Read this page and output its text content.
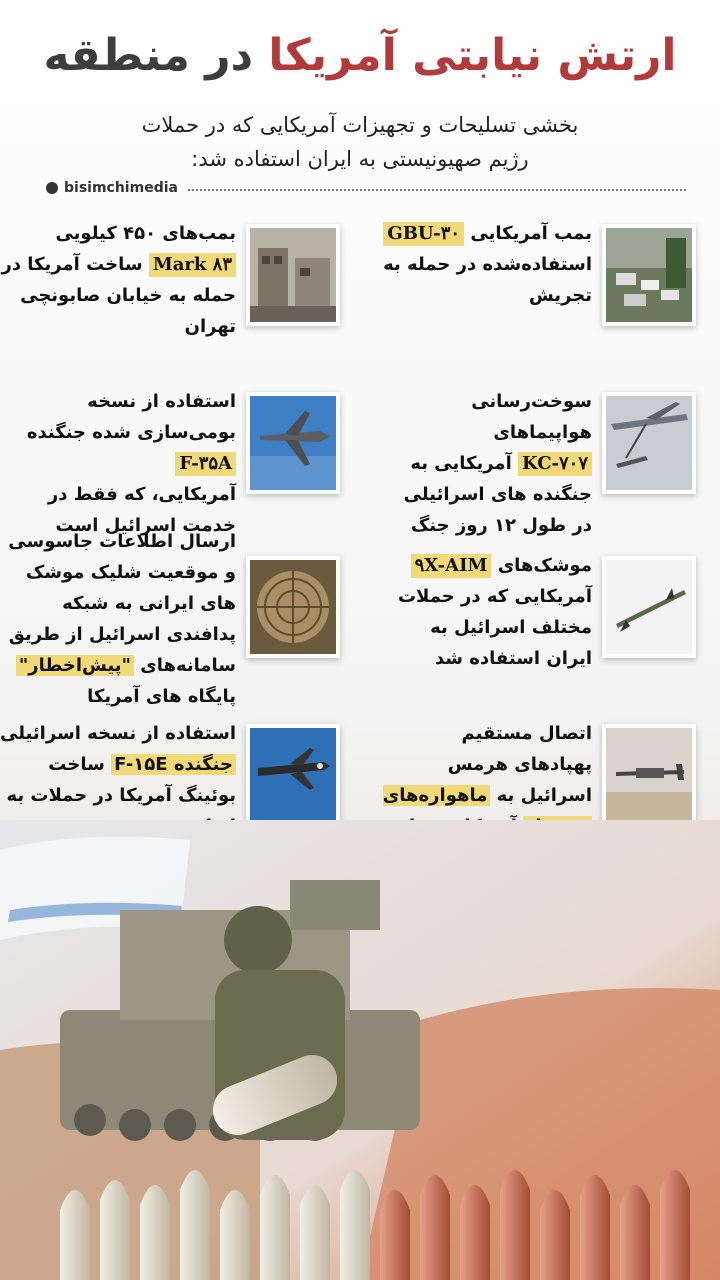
ارتش نیابتی آمریکا در منطقه
بخشی تسلیحات و تجهیزات آمریکایی که در حملات
رژیم صهیونیستی به ایران استفاده شد:
bisimchimedia
بمب آمریکایی GBU-۳۰
استفاده‌شده در حمله به تجریش
بمب‌های ۴۵۰ کیلویی
Mark ۸۳ ساخت آمریکا در حمله به خیابان صابونچی تهران
سوخت‌رسانی هواپیماهای
KC-۷۰۷ آمریکایی به جنگنده های اسرائیلی در طول ۱۲ روز جنگ
استفاده از نسخه بومی‌سازی شده جنگنده F-۳۵A
آمریکایی، که فقط در خدمت اسرائیل است
موشک‌های ۹X-AIM
آمریکایی که در حملات مختلف اسرائیل به ایران استفاده شد
ارسال اطلاعات جاسوسی و موقعیت شلیک موشک های ایرانی به شبکه پدافندی اسرائیل از طریق سامانه‌های "پیش‌اخطار" پایگاه های آمریکا
اتصال مستقیم پهپادهای هرمس اسرائیل به ماهواره‌های
استفاده از نسخه اسرائیلی
جنگنده F-۱۵E ساخت بوئینگ آمریکا در حملات به
